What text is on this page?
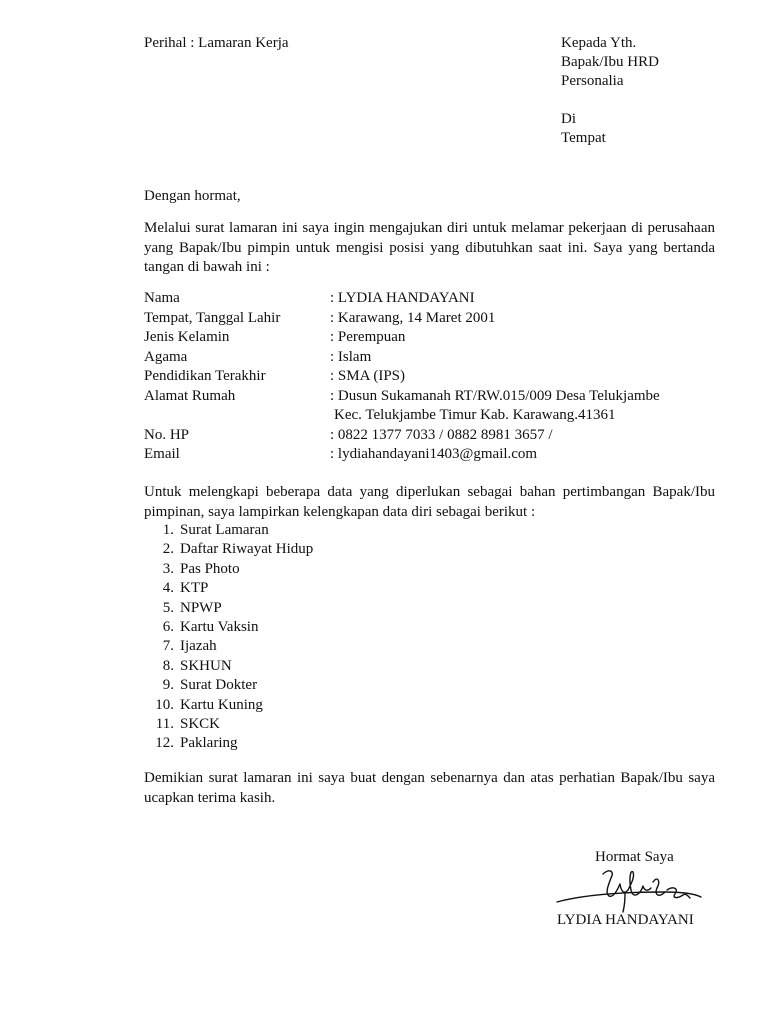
Perihal : Lamaran Kerja	Kepada Yth.
Bapak/Ibu HRD
Personalia
Di
Tempat
Dengan hormat,
Melalui surat lamaran ini saya ingin mengajukan diri untuk melamar pekerjaan di perusahaan yang Bapak/Ibu pimpin untuk mengisi posisi yang dibutuhkan saat ini. Saya yang bertanda tangan di bawah ini :
Nama	: LYDIA HANDAYANI
Tempat, Tanggal Lahir	: Karawang, 14 Maret 2001
Jenis Kelamin	: Perempuan
Agama	: Islam
Pendidikan Terakhir	: SMA (IPS)
Alamat Rumah	: Dusun Sukamanah RT/RW.015/009 Desa Telukjambe
Kec. Telukjambe Timur Kab. Karawang.41361
No. HP	: 0822 1377 7033 / 0882 8981 3657 /
Email	: lydiahandayani1403@gmail.com
Untuk melengkapi beberapa data yang diperlukan sebagai bahan pertimbangan Bapak/Ibu pimpinan, saya lampirkan kelengkapan data diri sebagai berikut :
1. Surat Lamaran
2. Daftar Riwayat Hidup
3. Pas Photo
4. KTP
5. NPWP
6. Kartu Vaksin
7. Ijazah
8. SKHUN
9. Surat Dokter
10. Kartu Kuning
11. SKCK
12. Paklaring
Demikian surat lamaran ini saya buat dengan sebenarnya dan atas perhatian Bapak/Ibu saya ucapkan terima kasih.
Hormat Saya
LYDIA HANDAYANI
